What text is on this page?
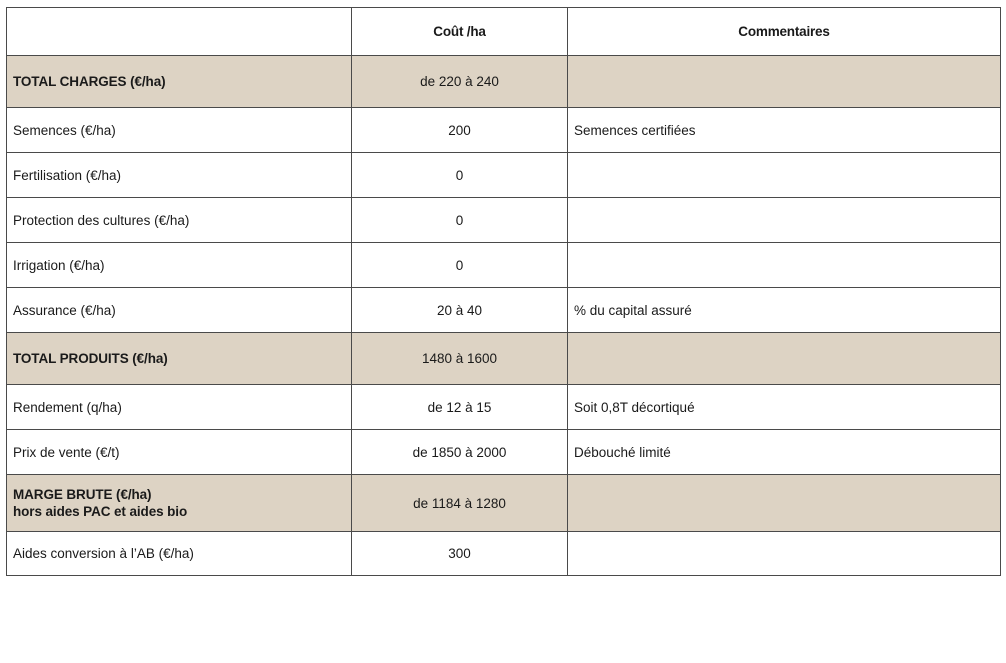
	Coût /ha	Commentaires

TOTAL CHARGES (€/ha)	de 220 à 240	

Semences (€/ha)	200	Semences certifiées

Fertilisation (€/ha)	0	

Protection des cultures (€/ha)	0	

Irrigation (€/ha)	0	

Assurance (€/ha)	20 à 40	% du capital assuré

TOTAL PRODUITS (€/ha)	1480 à 1600	

Rendement (q/ha)	de 12 à 15	Soit 0,8T décortiqué

Prix de vente (€/t)	de 1850 à 2000	Débouché limité

MARGE BRUTE (€/ha)
hors aides PAC et aides bio	de 1184 à 1280	

Aides conversion à l’AB (€/ha)	300	
